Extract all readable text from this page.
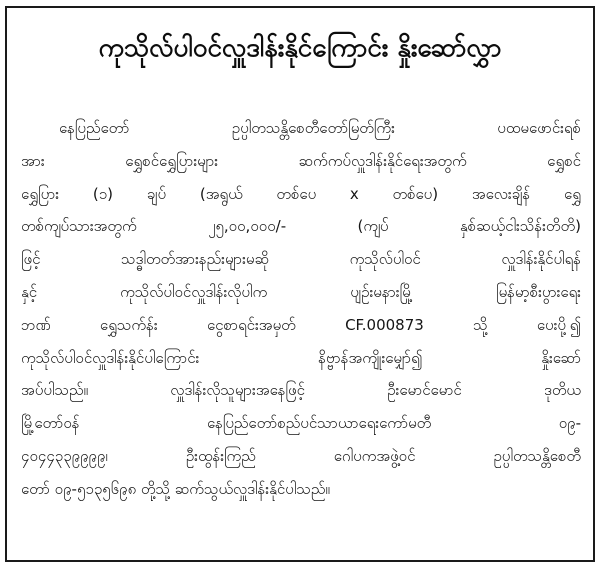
ကုသိုလ်ပါဝင်လှူဒါန်းနိုင်ကြောင်း နှိုးဆော်လွှာ
နေပြည်တော် ဥပ္ပါတသန္တိစေတီတော်မြတ်ကြီး ပထမဖောင်းရစ်
အား ရွှေစင်ရွှေပြားများ ဆက်ကပ်လှူဒါန်းနိုင်ရေးအတွက် ရွှေစင်
ရွှေပြား (၁) ချပ် (အရွယ် တစ်ပေ x တစ်ပေ) အလေးချိန် ရွှေ
တစ်ကျပ်သားအတွက် ၂၅,၀၀,၀၀၀/- (ကျပ် နှစ်ဆယ့်ငါးသိန်းတိတိ)
ဖြင့် သဒ္ဓါတတ်အားနည်းများမဆို ကုသိုလ်ပါဝင် လှူဒါန်းနိုင်ပါရန်
နှင့် ကုသိုလ်ပါဝင်လှူဒါန်းလိုပါက ပျဉ်းမနားမြို့ မြန်မာ့စီးပွားရေး
ဘဏ် ရွှေသက်န်း ငွေစာရင်းအမှတ် CF.000873 သို့ ပေးပို့၍
ကုသိုလ်ပါဝင်လှူဒါန်းနိုင်ပါကြောင်း နိဗ္ဗာန်အကျိုးမျှော်၍ နှိုးဆော်
အပ်ပါသည်။ လှူဒါန်းလိုသူများအနေဖြင့် ဦးမောင်မောင် ဒုတိယ
မြို့တော်ဝန် နေပြည်တော်စည်ပင်သာယာရေးကော်မတီ ၀၉-
၄၀၄၄၃၃၉၉၉၉၊ ဦးထွန်းကြည် ဂေါပကအဖွဲ့ဝင် ဥပ္ပါတသန္တိစေတီ
တော် ၀၉-၅၁၃၅၆၉၈ တို့သို့ ဆက်သွယ်လှူဒါန်းနိုင်ပါသည်။
